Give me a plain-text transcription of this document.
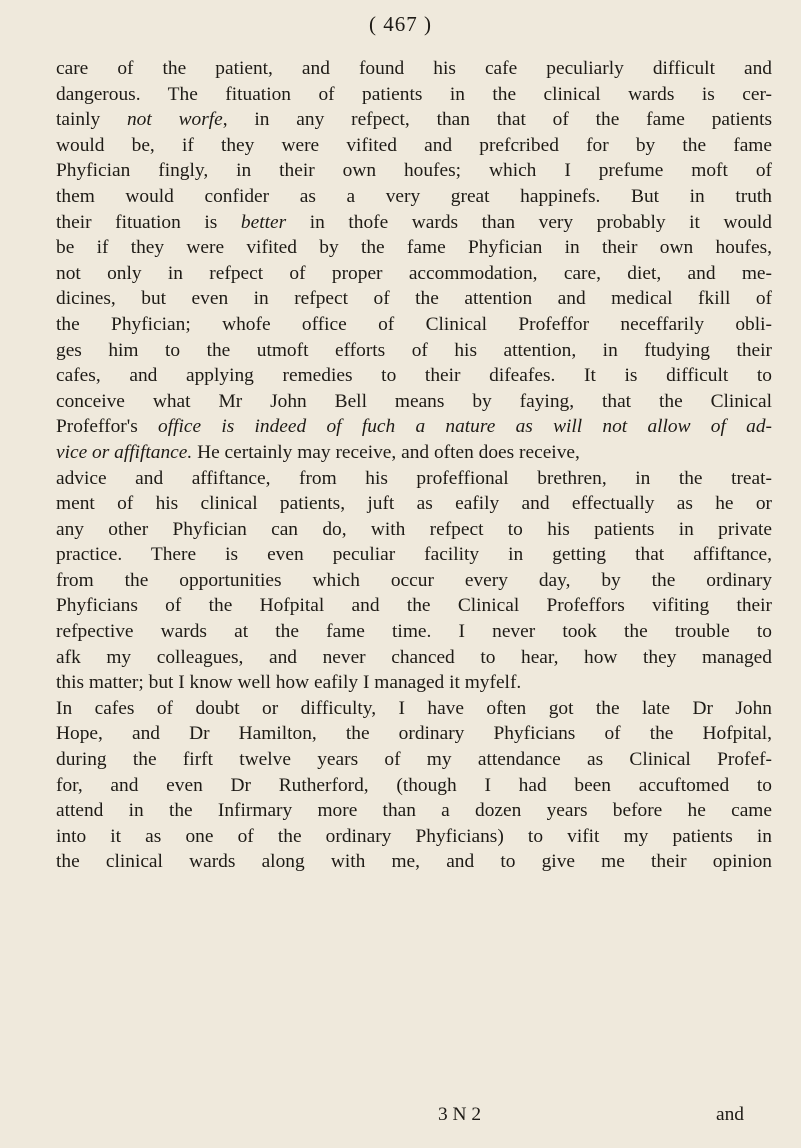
( 467 )
care of the patient, and found his cafe peculiarly difficult and
dangerous. The fituation of patients in the clinical wards is cer-
tainly not worfe, in any refpect, than that of the fame patients
would be, if they were vifited and prefcribed for by the fame
Phyfician fingly, in their own houfes; which I prefume moft of
them would confider as a very great happinefs. But in truth
their fituation is better in thofe wards than very probably it would
be if they were vifited by the fame Phyfician in their own houfes,
not only in refpect of proper accommodation, care, diet, and me-
dicines, but even in refpect of the attention and medical fkill of
the Phyfician; whofe office of Clinical Profeffor neceffarily obli-
ges him to the utmoft efforts of his attention, in ftudying their
cafes, and applying remedies to their difeafes. It is difficult to
conceive what Mr John Bell means by faying, that the Clinical
Profeffor's office is indeed of fuch a nature as will not allow of ad-
vice or affiftance. He certainly may receive, and often does receive,
advice and affiftance, from his profeffional brethren, in the treat-
ment of his clinical patients, juft as eafily and effectually as he or
any other Phyfician can do, with refpect to his patients in private
practice. There is even peculiar facility in getting that affiftance,
from the opportunities which occur every day, by the ordinary
Phyficians of the Hofpital and the Clinical Profeffors vifiting their
refpective wards at the fame time. I never took the trouble to
afk my colleagues, and never chanced to hear, how they managed
this matter; but I know well how eafily I managed it myfelf.
In cafes of doubt or difficulty, I have often got the late Dr John
Hope, and Dr Hamilton, the ordinary Phyficians of the Hofpital,
during the firft twelve years of my attendance as Clinical Profef-
for, and even Dr Rutherford, (though I had been accuftomed to
attend in the Infirmary more than a dozen years before he came
into it as one of the ordinary Phyficians) to vifit my patients in
the clinical wards along with me, and to give me their opinion
3 N 2	and
